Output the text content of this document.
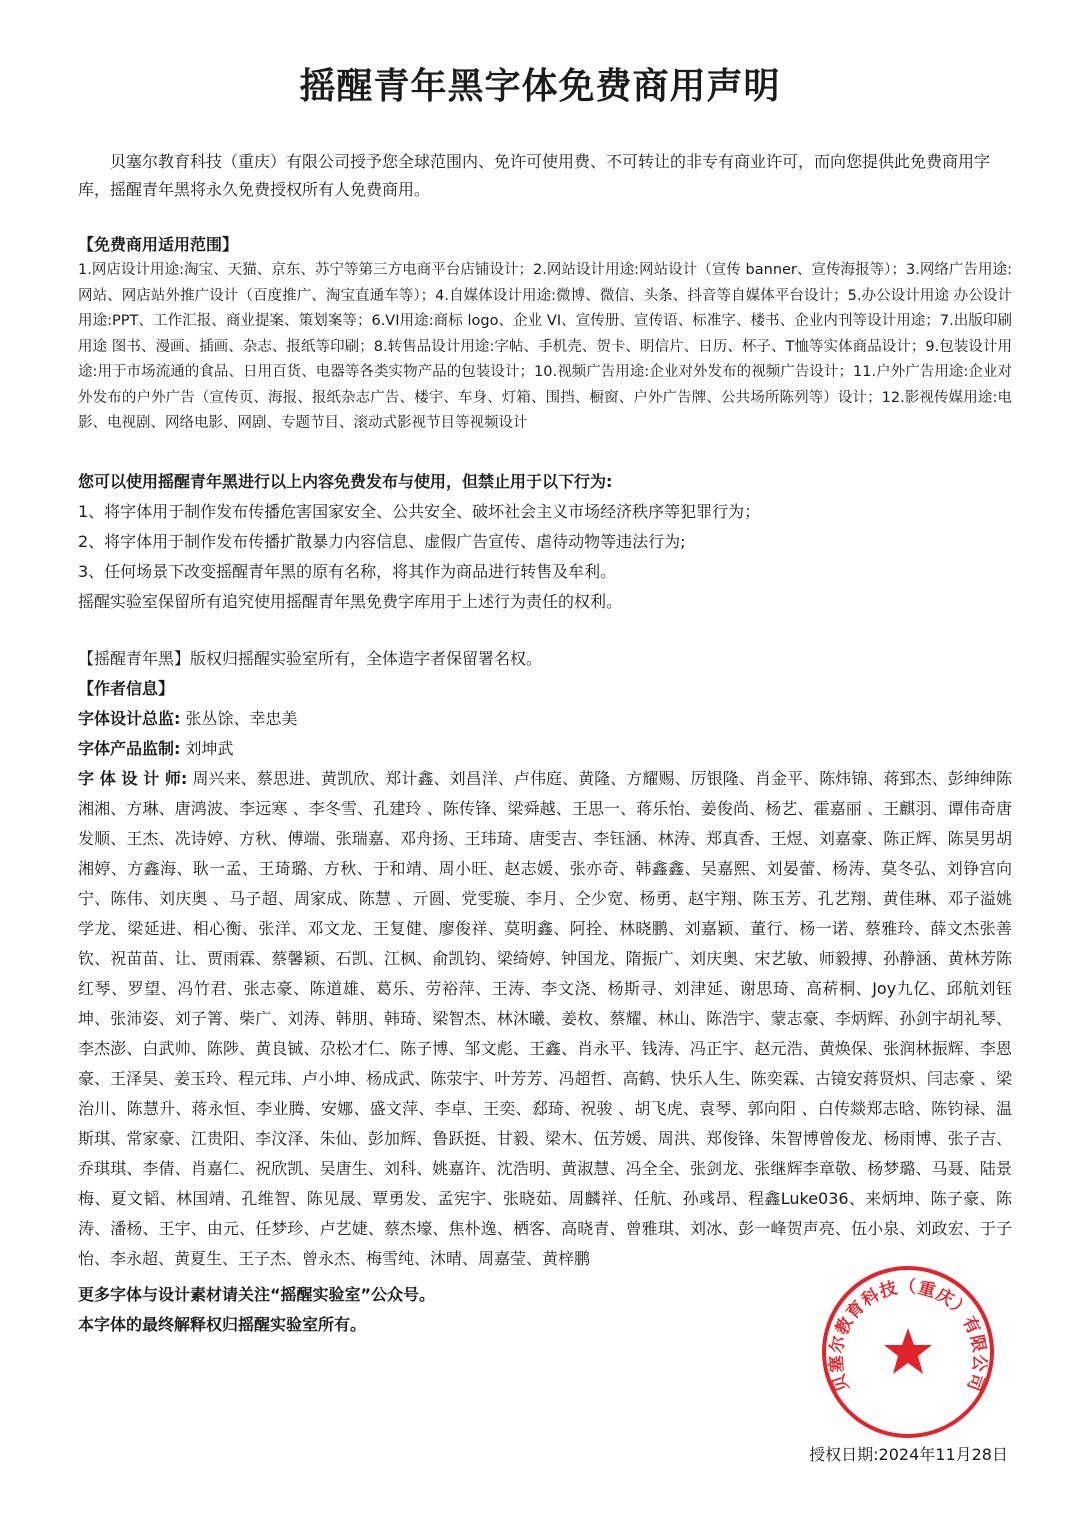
摇醒青年黑字体免费商用声明

贝塞尔教育科技（重庆）有限公司授予您全球范围内、免许可使用费、不可转让的非专有商业许可，而向您提供此免费商用字库，摇醒青年黑将永久免费授权所有人免费商用。

【免费商用适用范围】

1.网店设计用途:淘宝、天猫、京东、苏宁等第三方电商平台店铺设计；2.网站设计用途:网站设计（宣传 banner、宣传海报等）；3.网络广告用途:网站、网店站外推广设计（百度推广、淘宝直通车等）；4.自媒体设计用途:微博、微信、头条、抖音等自媒体平台设计；5.办公设计用途 办公设计用途:PPT、工作汇报、商业提案、策划案等；6.VI用途:商标 logo、企业 VI、宣传册、宣传语、标准字、楼书、企业内刊等设计用途；7.出版印刷用途 图书、漫画、插画、杂志、报纸等印刷；8.转售品设计用途:字帖、手机壳、贺卡、明信片、日历、杯子、T恤等实体商品设计；9.包装设计用途:用于市场流通的食品、日用百货、电器等各类实物产品的包装设计；10.视频广告用途:企业对外发布的视频广告设计；11.户外广告用途:企业对外发布的户外广告（宣传页、海报、报纸杂志广告、楼宇、车身、灯箱、围挡、橱窗、户外广告牌、公共场所陈列等）设计；12.影视传媒用途:电影、电视剧、网络电影、网剧、专题节目、滚动式影视节目等视频设计

您可以使用摇醒青年黑进行以上内容免费发布与使用，但禁止用于以下行为:

1、将字体用于制作发布传播危害国家安全、公共安全、破坏社会主义市场经济秩序等犯罪行为；

2、将字体用于制作发布传播扩散暴力内容信息、虚假广告宣传、虐待动物等违法行为;

3、任何场景下改变摇醒青年黑的原有名称，将其作为商品进行转售及牟利。

摇醒实验室保留所有追究使用摇醒青年黑免费字库用于上述行为责任的权利。

【摇醒青年黑】版权归摇醒实验室所有，全体造字者保留署名权。

【作者信息】

字体设计总监: 张丛馀、幸忠美

字体产品监制: 刘坤武

字 体 设 计 师: 周兴来、蔡思进、黄凯欣、郑计鑫、刘昌洋、卢伟庭、黄隆、方耀赐、厉银隆、肖金平、陈炜锦、蒋郅杰、彭绅绅陈湘湘、方琳、唐鸿波、李远寒 、李冬雪、孔建玲 、陈传锋、梁舜越、王思一、蒋乐怡、姜俊尚、杨艺、霍嘉丽 、王麒羽、谭伟奇唐发顺、王杰、冼诗婷、方秋、傅端、张瑞嘉、邓舟扬、王玮琦、唐雯吉、李钰涵、林涛、郑真香、王煜、刘嘉豪、陈正辉、陈昊男胡湘婷、方鑫海、耿一孟、王琦璐、方秋、于和靖、周小旺、赵志媛、张亦奇、韩鑫鑫、吴嘉熙、刘晏蕾、杨涛、莫冬弘、刘铮宫向宁、陈伟、刘庆奥 、马子超、周家成、陈慧 、亓圆、党雯璇、李月、仝少宽、杨勇、赵宇翔、陈玉芳、孔艺翔、黄佳琳、邓子溢姚学龙、梁延进、相心衡、张洋、邓文龙、王复健、廖俊祥、莫明鑫、阿拴、林晓鹏、刘嘉颖、董行、杨一诺、蔡雅玲、薛文杰张善钦、祝苗苗、让、贾雨霖、蔡馨颖、石凯、江枫、俞凯钧、梁绮婷、钟国龙、隋振广、刘庆奥、宋艺敏、师毅搏、孙静涵、黄林芳陈红琴、罗望、冯竹君、张志豪、陈道雄、葛乐、劳裕萍、王涛、李文浇、杨斯寻、刘津延、谢思琦、高菥桐、Joy九亿、邱航刘钰坤、张沛姿、刘子箐、柴广、刘涛、韩朋、韩琦、梁智杰、林沐曦、姜枚、蔡耀、林山、陈浩宇、蒙志豪、李炳辉、孙剑宇胡礼琴、李杰澎、白武帅、陈陟、黄良铖、尕松才仁、陈子博、邹文彪、王鑫、肖永平、钱涛、冯正宇、赵元浩、黄焕保、张润林振辉、李恩豪、王泽昊、姜玉玲、程元玮、卢小坤、杨成武、陈荥宇、叶芳芳、冯超哲、高鹤、快乐人生、陈奕霖、古镜安蒋贤炽、闫志豪 、梁治川、陈慧升、蒋永恒、李业腾、安娜、盛文萍、李卓、王奕、郄琦、祝骏 、胡飞虎、袁琴、郭向阳 、白传燚郑志晗、陈钧禄、温斯琪、常家豪、江贵阳、李汶泽、朱仙、彭加辉、鲁跃挺、甘毅、梁木、伍芳媛、周洪、郑俊锋、朱智博曾俊龙、杨雨博、张子吉、乔琪琪、李倩、肖嘉仁、祝欣凯、吴唐生、刘科、姚嘉许、沈浩明、黄淑慧、冯全全、张剑龙、张继辉李章敬、杨梦璐、马聂、陆景梅、夏文韬、林国靖、孔维智、陈见晟、覃勇发、孟宪宇、张晓茹、周麟祥、任航、孙彧昂、程鑫Luke036、来炳坤、陈子豪、陈涛、潘杨、王宇、由元、任梦珍、卢艺婕、蔡杰壕、焦朴逸、栖客、高晓青、曾雅琪、刘冰、彭一峰贺声亮、伍小泉、刘政宏、于子怡、李永超、黄夏生、王子杰、曾永杰、梅雪纯、沐晴、周嘉莹、黄梓鹏

更多字体与设计素材请关注“摇醒实验室”公众号。

本字体的最终解释权归摇醒实验室所有。

贝塞尔教育科技（重庆）有限公司

授权日期:2024年11月28日
